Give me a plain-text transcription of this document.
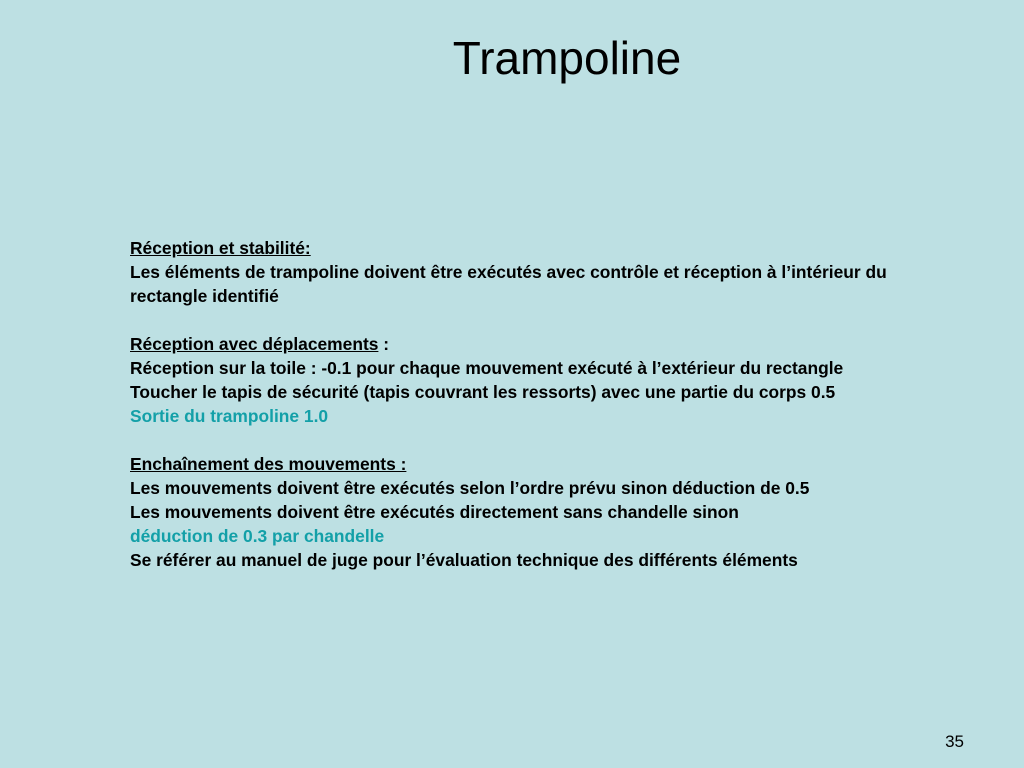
Trampoline

Réception et stabilité:

Les éléments de trampoline doivent être exécutés avec contrôle et réception à l’intérieur du rectangle identifié

Réception avec déplacements :

Réception sur la toile : -0.1 pour chaque mouvement exécuté à l’extérieur du rectangle

Toucher le tapis de sécurité (tapis couvrant les ressorts) avec une partie du corps 0.5

Sortie du trampoline 1.0

Enchaînement des mouvements :

Les mouvements doivent être exécutés selon l’ordre prévu sinon déduction de 0.5

Les mouvements doivent être exécutés directement sans chandelle sinon

déduction de 0.3 par chandelle

Se référer au manuel de juge pour l’évaluation technique des différents éléments

35
